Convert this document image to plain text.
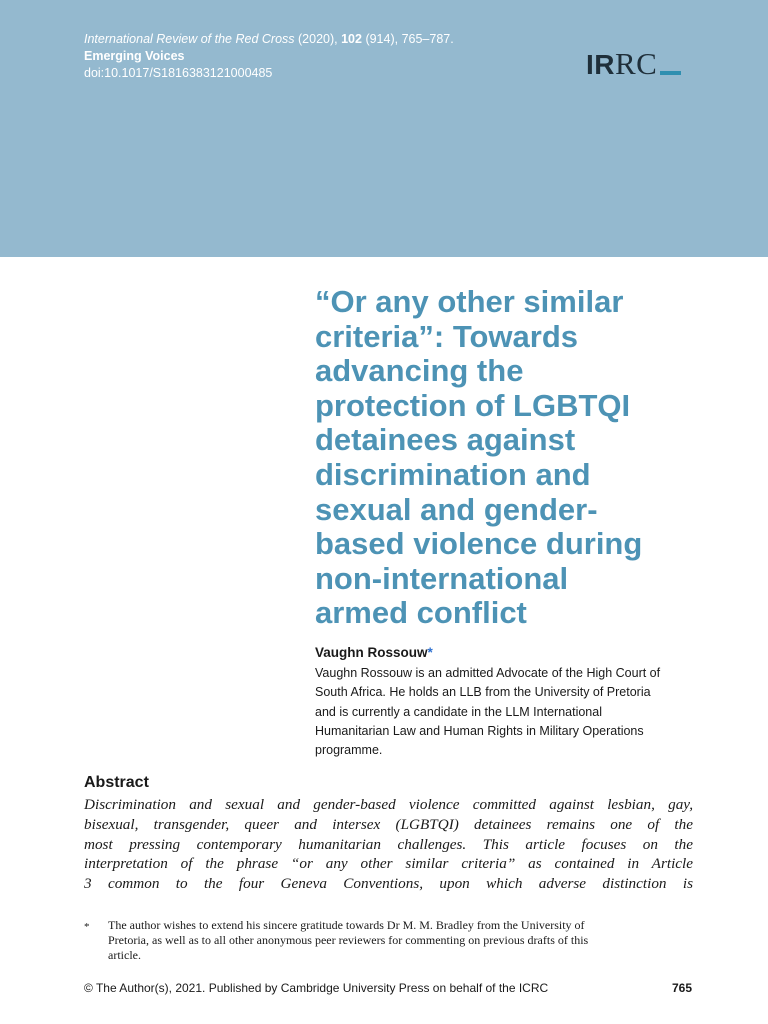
International Review of the Red Cross (2020), 102 (914), 765–787.
Emerging Voices
doi:10.1017/S1816383121000485	IRRC
“Or any other similar
criteria”: Towards
advancing the
protection of LGBTQI
detainees against
discrimination and
sexual and gender-
based violence during
non-international
armed conflict
Vaughn Rossouw*
Vaughn Rossouw is an admitted Advocate of the High Court of
South Africa. He holds an LLB from the University of Pretoria
and is currently a candidate in the LLM International
Humanitarian Law and Human Rights in Military Operations
programme.
Abstract
Discrimination and sexual and gender-based violence committed against lesbian, gay,
bisexual, transgender, queer and intersex (LGBTQI) detainees remains one of the
most pressing contemporary humanitarian challenges. This article focuses on the
interpretation of the phrase “or any other similar criteria” as contained in Article
3 common to the four Geneva Conventions, upon which adverse distinction is
* The author wishes to extend his sincere gratitude towards Dr M. M. Bradley from the University of
Pretoria, as well as to all other anonymous peer reviewers for commenting on previous drafts of this
article.
© The Author(s), 2021. Published by Cambridge University Press on behalf of the ICRC	765
